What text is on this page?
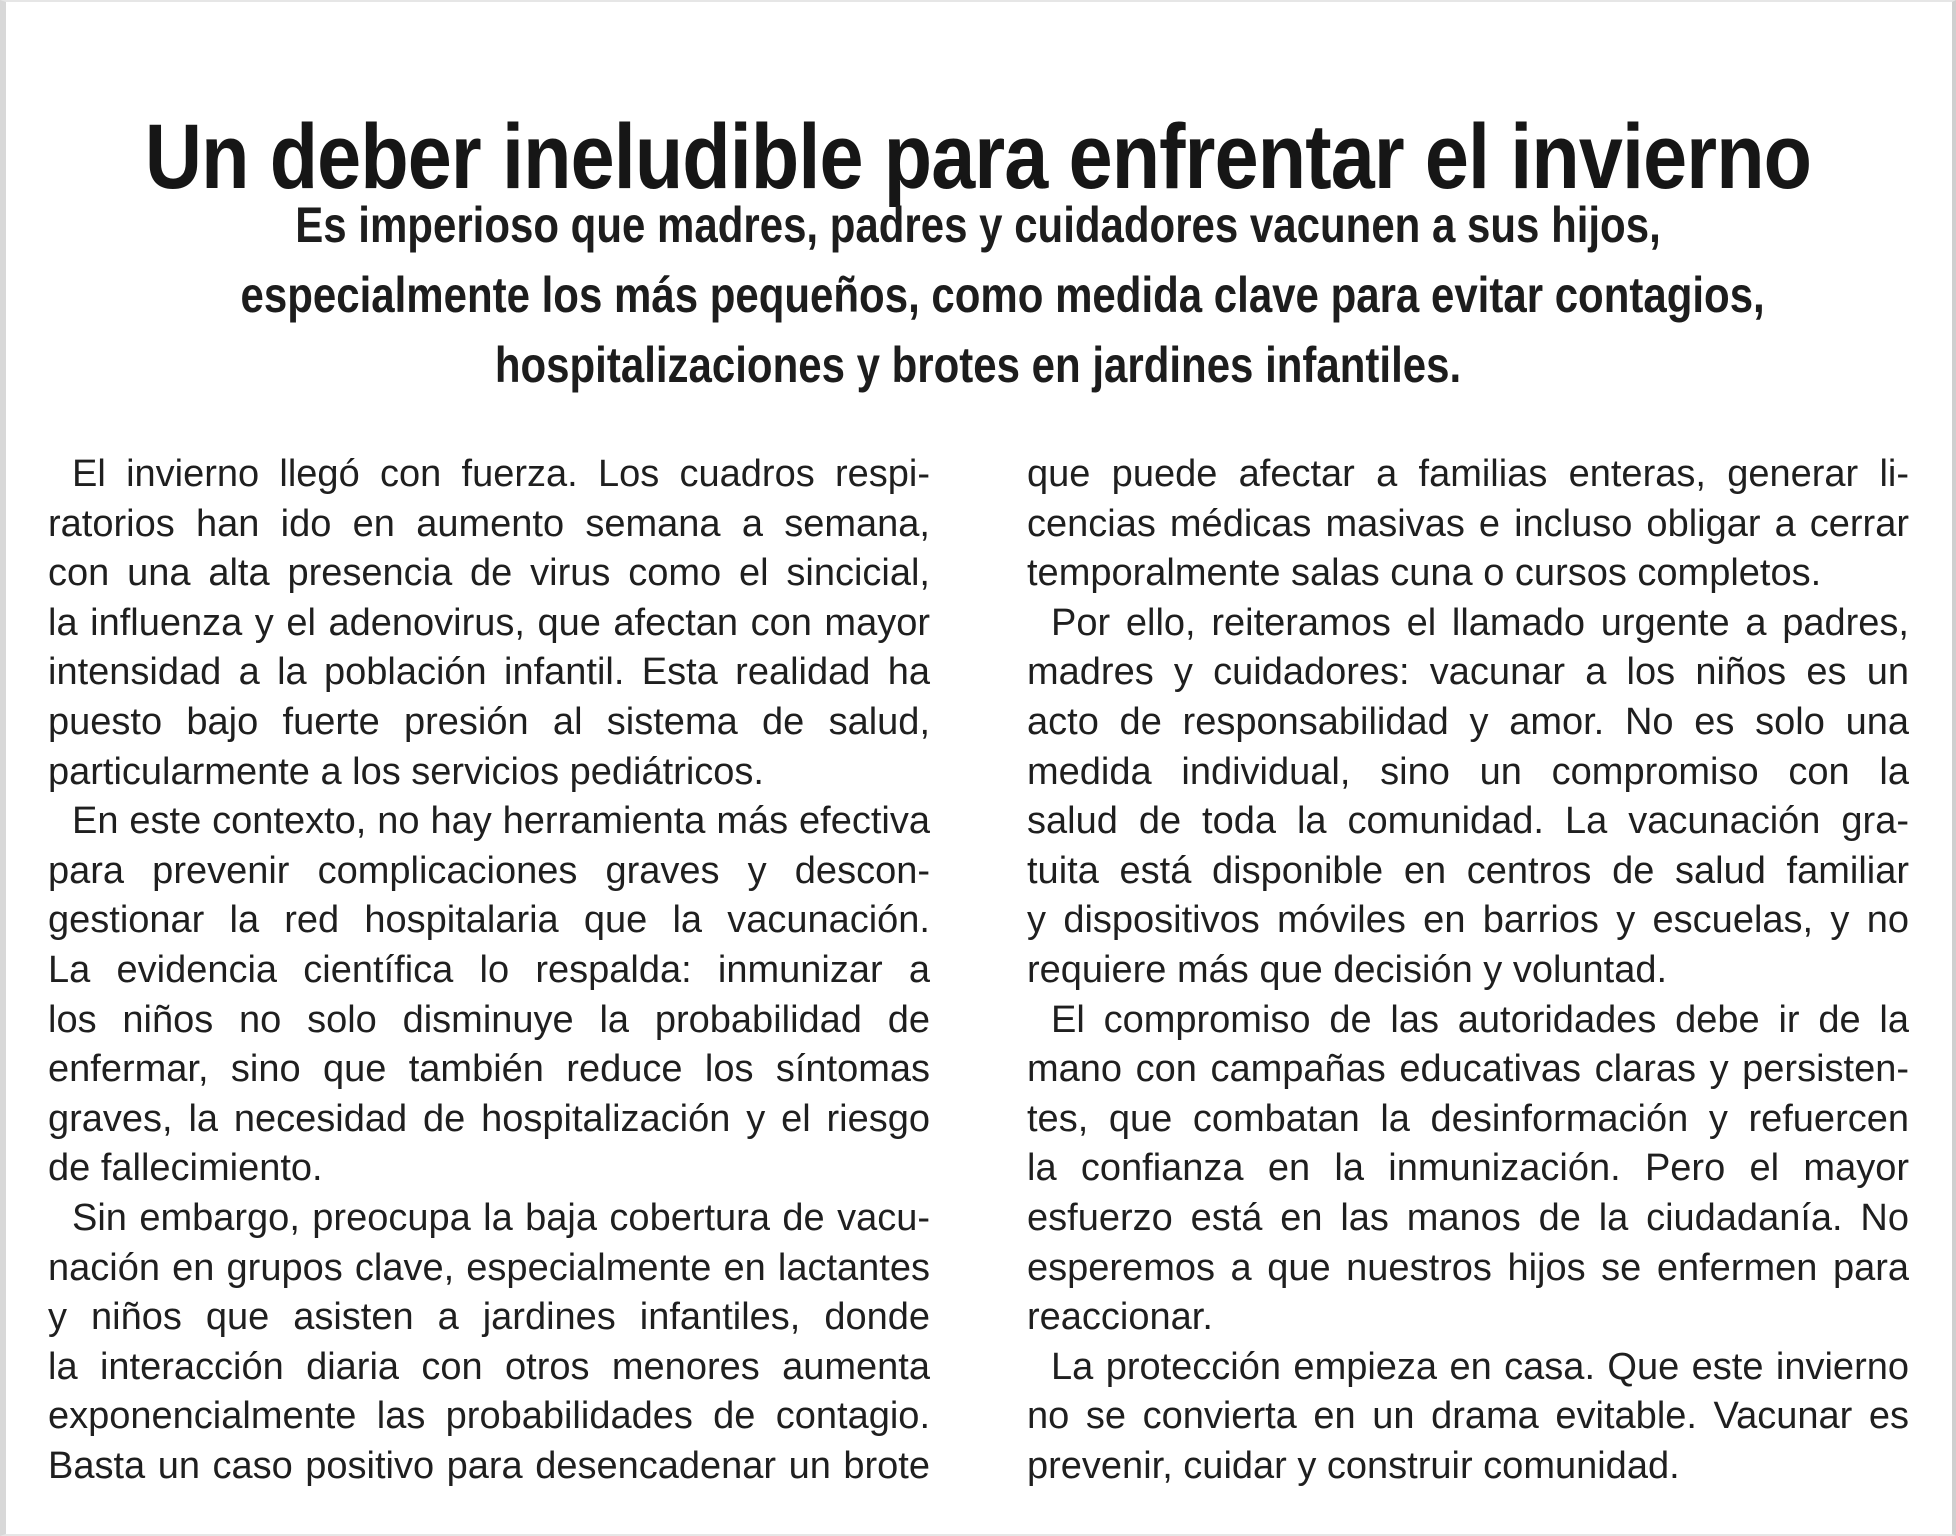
Un deber ineludible para enfrentar el invierno
Es imperioso que madres, padres y cuidadores vacunen a sus hijos,
especialmente los más pequeños, como medida clave para evitar contagios,
hospitalizaciones y brotes en jardines infantiles.
El invierno llegó con fuerza. Los cuadros respi-
ratorios han ido en aumento semana a semana,
con una alta presencia de virus como el sincicial,
la influenza y el adenovirus, que afectan con mayor
intensidad a la población infantil. Esta realidad ha
puesto bajo fuerte presión al sistema de salud,
particularmente a los servicios pediátricos.
En este contexto, no hay herramienta más efectiva
para prevenir complicaciones graves y descon-
gestionar la red hospitalaria que la vacunación.
La evidencia científica lo respalda: inmunizar a
los niños no solo disminuye la probabilidad de
enfermar, sino que también reduce los síntomas
graves, la necesidad de hospitalización y el riesgo
de fallecimiento.
Sin embargo, preocupa la baja cobertura de vacu-
nación en grupos clave, especialmente en lactantes
y niños que asisten a jardines infantiles, donde
la interacción diaria con otros menores aumenta
exponencialmente las probabilidades de contagio.
Basta un caso positivo para desencadenar un brote
que puede afectar a familias enteras, generar li-
cencias médicas masivas e incluso obligar a cerrar
temporalmente salas cuna o cursos completos.
Por ello, reiteramos el llamado urgente a padres,
madres y cuidadores: vacunar a los niños es un
acto de responsabilidad y amor. No es solo una
medida individual, sino un compromiso con la
salud de toda la comunidad. La vacunación gra-
tuita está disponible en centros de salud familiar
y dispositivos móviles en barrios y escuelas, y no
requiere más que decisión y voluntad.
El compromiso de las autoridades debe ir de la
mano con campañas educativas claras y persisten-
tes, que combatan la desinformación y refuercen
la confianza en la inmunización. Pero el mayor
esfuerzo está en las manos de la ciudadanía. No
esperemos a que nuestros hijos se enfermen para
reaccionar.
La protección empieza en casa. Que este invierno
no se convierta en un drama evitable. Vacunar es
prevenir, cuidar y construir comunidad.
